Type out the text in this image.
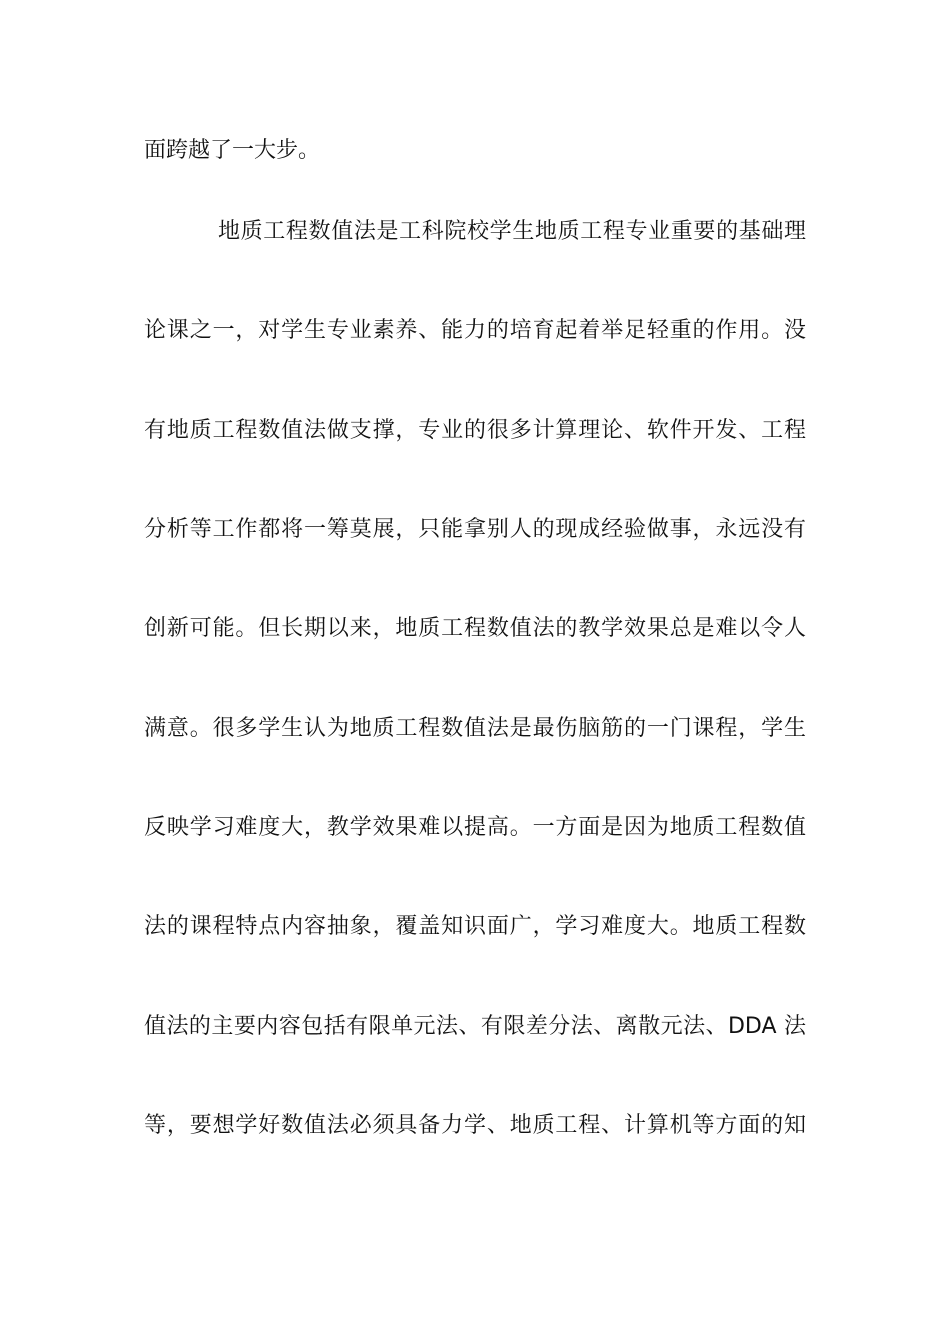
面跨越了一大步。

地质工程数值法是工科院校学生地质工程专业重要的基础理

论课之一，对学生专业素养、能力的培育起着举足轻重的作用。没

有地质工程数值法做支撑，专业的很多计算理论、软件开发、工程

分析等工作都将一筹莫展，只能拿别人的现成经验做事，永远没有

创新可能。但长期以来，地质工程数值法的教学效果总是难以令人

满意。很多学生认为地质工程数值法是最伤脑筋的一门课程，学生

反映学习难度大，教学效果难以提高。一方面是因为地质工程数值

法的课程特点内容抽象，覆盖知识面广，学习难度大。地质工程数

值法的主要内容包括有限单元法、有限差分法、离散元法、DDA 法

等，要想学好数值法必须具备力学、地质工程、计算机等方面的知
